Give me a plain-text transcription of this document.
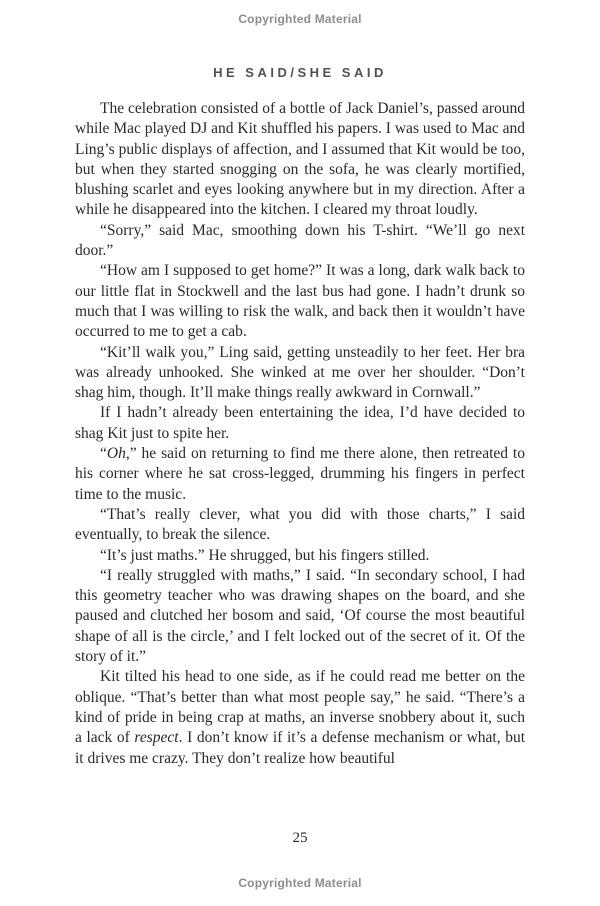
Copyrighted Material
HE SAID/SHE SAID

The celebration consisted of a bottle of Jack Daniel’s, passed around while Mac played DJ and Kit shuffled his papers. I was used to Mac and Ling’s public displays of affection, and I assumed that Kit would be too, but when they started snogging on the sofa, he was clearly mortified, blushing scarlet and eyes looking anywhere but in my direction. After a while he disappeared into the kitchen. I cleared my throat loudly.

“Sorry,” said Mac, smoothing down his T-shirt. “We’ll go next door.”

“How am I supposed to get home?” It was a long, dark walk back to our little flat in Stockwell and the last bus had gone. I hadn’t drunk so much that I was willing to risk the walk, and back then it wouldn’t have occurred to me to get a cab.

“Kit’ll walk you,” Ling said, getting unsteadily to her feet. Her bra was already unhooked. She winked at me over her shoulder. “Don’t shag him, though. It’ll make things really awkward in Cornwall.”

If I hadn’t already been entertaining the idea, I’d have decided to shag Kit just to spite her.

“Oh,” he said on returning to find me there alone, then retreated to his corner where he sat cross-legged, drumming his fingers in perfect time to the music.

“That’s really clever, what you did with those charts,” I said eventually, to break the silence.

“It’s just maths.” He shrugged, but his fingers stilled.

“I really struggled with maths,” I said. “In secondary school, I had this geometry teacher who was drawing shapes on the board, and she paused and clutched her bosom and said, ‘Of course the most beautiful shape of all is the circle,’ and I felt locked out of the secret of it. Of the story of it.”

Kit tilted his head to one side, as if he could read me better on the oblique. “That’s better than what most people say,” he said. “There’s a kind of pride in being crap at maths, an inverse snobbery about it, such a lack of respect. I don’t know if it’s a defense mechanism or what, but it drives me crazy. They don’t realize how beautiful

25
Copyrighted Material
